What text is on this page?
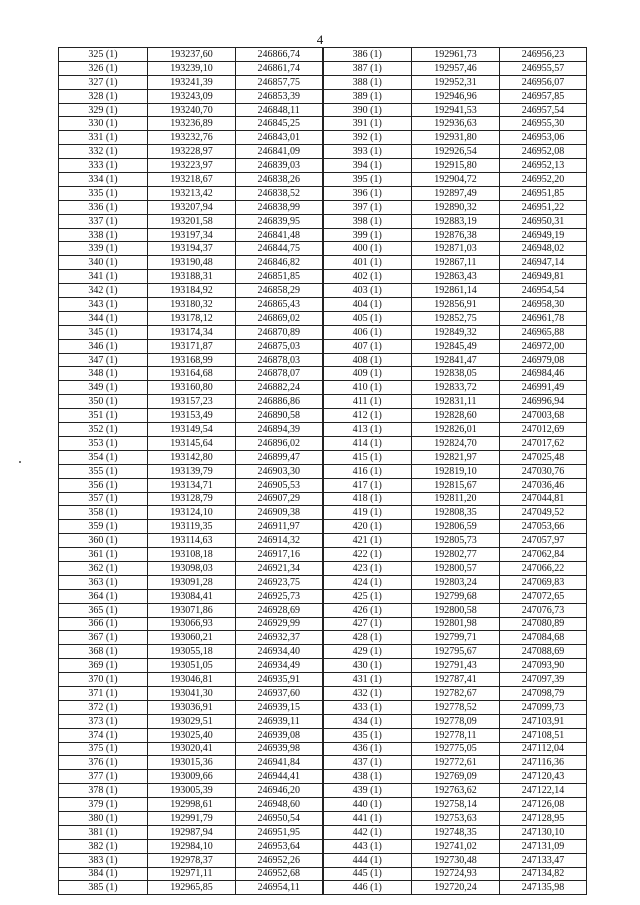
4
325 (1)	193237,60	246866,74	386 (1)	192961,73	246956,23
326 (1)	193239,10	246861,74	387 (1)	192957,46	246955,57
327 (1)	193241,39	246857,75	388 (1)	192952,31	246956,07
328 (1)	193243,09	246853,39	389 (1)	192946,96	246957,85
329 (1)	193240,70	246848,11	390 (1)	192941,53	246957,54
330 (1)	193236,89	246845,25	391 (1)	192936,63	246955,30
331 (1)	193232,76	246843,01	392 (1)	192931,80	246953,06
332 (1)	193228,97	246841,09	393 (1)	192926,54	246952,08
333 (1)	193223,97	246839,03	394 (1)	192915,80	246952,13
334 (1)	193218,67	246838,26	395 (1)	192904,72	246952,20
335 (1)	193213,42	246838,52	396 (1)	192897,49	246951,85
336 (1)	193207,94	246838,99	397 (1)	192890,32	246951,22
337 (1)	193201,58	246839,95	398 (1)	192883,19	246950,31
338 (1)	193197,34	246841,48	399 (1)	192876,38	246949,19
339 (1)	193194,37	246844,75	400 (1)	192871,03	246948,02
340 (1)	193190,48	246846,82	401 (1)	192867,11	246947,14
341 (1)	193188,31	246851,85	402 (1)	192863,43	246949,81
342 (1)	193184,92	246858,29	403 (1)	192861,14	246954,54
343 (1)	193180,32	246865,43	404 (1)	192856,91	246958,30
344 (1)	193178,12	246869,02	405 (1)	192852,75	246961,78
345 (1)	193174,34	246870,89	406 (1)	192849,32	246965,88
346 (1)	193171,87	246875,03	407 (1)	192845,49	246972,00
347 (1)	193168,99	246878,03	408 (1)	192841,47	246979,08
348 (1)	193164,68	246878,07	409 (1)	192838,05	246984,46
349 (1)	193160,80	246882,24	410 (1)	192833,72	246991,49
350 (1)	193157,23	246886,86	411 (1)	192831,11	246996,94
351 (1)	193153,49	246890,58	412 (1)	192828,60	247003,68
352 (1)	193149,54	246894,39	413 (1)	192826,01	247012,69
353 (1)	193145,64	246896,02	414 (1)	192824,70	247017,62
354 (1)	193142,80	246899,47	415 (1)	192821,97	247025,48
355 (1)	193139,79	246903,30	416 (1)	192819,10	247030,76
356 (1)	193134,71	246905,53	417 (1)	192815,67	247036,46
357 (1)	193128,79	246907,29	418 (1)	192811,20	247044,81
358 (1)	193124,10	246909,38	419 (1)	192808,35	247049,52
359 (1)	193119,35	246911,97	420 (1)	192806,59	247053,66
360 (1)	193114,63	246914,32	421 (1)	192805,73	247057,97
361 (1)	193108,18	246917,16	422 (1)	192802,77	247062,84
362 (1)	193098,03	246921,34	423 (1)	192800,57	247066,22
363 (1)	193091,28	246923,75	424 (1)	192803,24	247069,83
364 (1)	193084,41	246925,73	425 (1)	192799,68	247072,65
365 (1)	193071,86	246928,69	426 (1)	192800,58	247076,73
366 (1)	193066,93	246929,99	427 (1)	192801,98	247080,89
367 (1)	193060,21	246932,37	428 (1)	192799,71	247084,68
368 (1)	193055,18	246934,40	429 (1)	192795,67	247088,69
369 (1)	193051,05	246934,49	430 (1)	192791,43	247093,90
370 (1)	193046,81	246935,91	431 (1)	192787,41	247097,39
371 (1)	193041,30	246937,60	432 (1)	192782,67	247098,79
372 (1)	193036,91	246939,15	433 (1)	192778,52	247099,73
373 (1)	193029,51	246939,11	434 (1)	192778,09	247103,91
374 (1)	193025,40	246939,08	435 (1)	192778,11	247108,51
375 (1)	193020,41	246939,98	436 (1)	192775,05	247112,04
376 (1)	193015,36	246941,84	437 (1)	192772,61	247116,36
377 (1)	193009,66	246944,41	438 (1)	192769,09	247120,43
378 (1)	193005,39	246946,20	439 (1)	192763,62	247122,14
379 (1)	192998,61	246948,60	440 (1)	192758,14	247126,08
380 (1)	192991,79	246950,54	441 (1)	192753,63	247128,95
381 (1)	192987,94	246951,95	442 (1)	192748,35	247130,10
382 (1)	192984,10	246953,64	443 (1)	192741,02	247131,09
383 (1)	192978,37	246952,26	444 (1)	192730,48	247133,47
384 (1)	192971,11	246952,68	445 (1)	192724,93	247134,82
385 (1)	192965,85	246954,11	446 (1)	192720,24	247135,98
